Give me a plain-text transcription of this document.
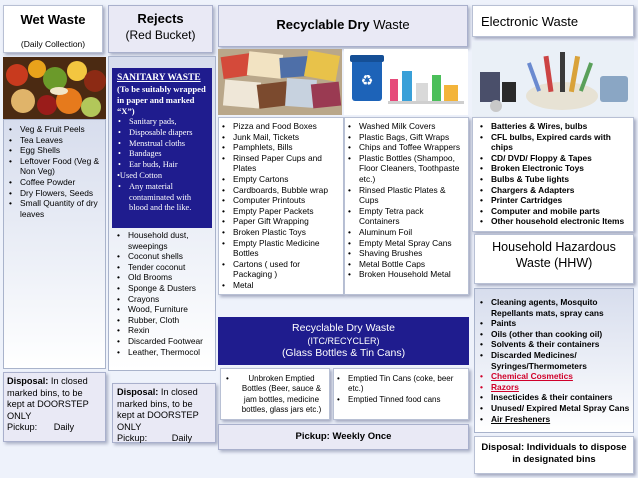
Wet Waste
(Daily Collection)
• Veg & Fruit Peels
• Tea Leaves
• Egg Shells
• Leftover Food (Veg & Non Veg)
• Coffee Powder
• Dry Flowers, Seeds
• Small Quantity of dry leaves
Disposal: In closed marked bins, to be kept at DOORSTEP ONLY
Pickup: Daily
Rejects
(Red Bucket)
SANITARY WASTE
(To be suitably wrapped in paper and marked “X”)
• Sanitary pads,
• Disposable diapers
• Menstrual cloths
• Bandages
• Ear buds, Hair
•Used Cotton
• Any material contaminated with blood and the like.
• Household dust, sweepings
• Coconut shells
• Tender coconut
• Old Brooms
• Sponge & Dusters
• Crayons
• Wood, Furniture
• Rubber, Cloth
• Rexin
• Discarded Footwear
• Leather, Thermocol
Disposal: In closed marked bins, to be kept at DOORSTEP ONLY
Pickup:	Daily
Recyclable Dry Waste
♻
• Pizza and Food Boxes
• Junk Mail, Tickets
• Pamphlets, Bills
• Rinsed Paper Cups and Plates
• Empty Cartons
• Cardboards, Bubble wrap
• Computer Printouts
• Empty Paper Packets
• Paper Gift Wrapping
• Broken Plastic Toys
• Empty Plastic Medicine Bottles
• Cartons ( used for Packaging )
• Metal
• Washed Milk Covers
• Plastic Bags, Gift Wraps
• Chips and Toffee Wrappers
• Plastic Bottles (Shampoo, Floor Cleaners, Toothpaste etc.)
• Rinsed Plastic Plates & Cups
• Empty Tetra pack Containers
• Aluminum Foil
• Empty Metal Spray Cans
• Shaving Brushes
• Metal Bottle Caps
• Broken Household Metal
Recyclable Dry Waste
(ITC/RECYCLER)
(Glass Bottles & Tin Cans)
• Unbroken Emptied Bottles (Beer, sauce & jam bottles, medicine bottles, glass jars etc.)
• Emptied Tin Cans (coke, beer etc.)
• Emptied Tinned food cans
Pickup: Weekly Once
Electronic Waste
• Batteries & Wires, bulbs
• CFL bulbs, Expired cards with chips
• CD/ DVD/ Floppy & Tapes
• Broken Electronic Toys
• Bulbs & Tube lights
• Chargers & Adapters
• Printer Cartridges
• Computer and mobile parts
• Other household electronic Items
Household Hazardous Waste (HHW)
• Cleaning agents, Mosquito Repellants mats, spray cans
• Paints
• Oils (other than cooking oil)
• Solvents & their containers
• Discarded Medicines/ Syringes/Thermometers
• Chemical Cosmetics
• Razors
• Insecticides & their containers
• Unused/ Expired Metal Spray Cans
• Air Fresheners
Disposal: Individuals to dispose in designated bins
